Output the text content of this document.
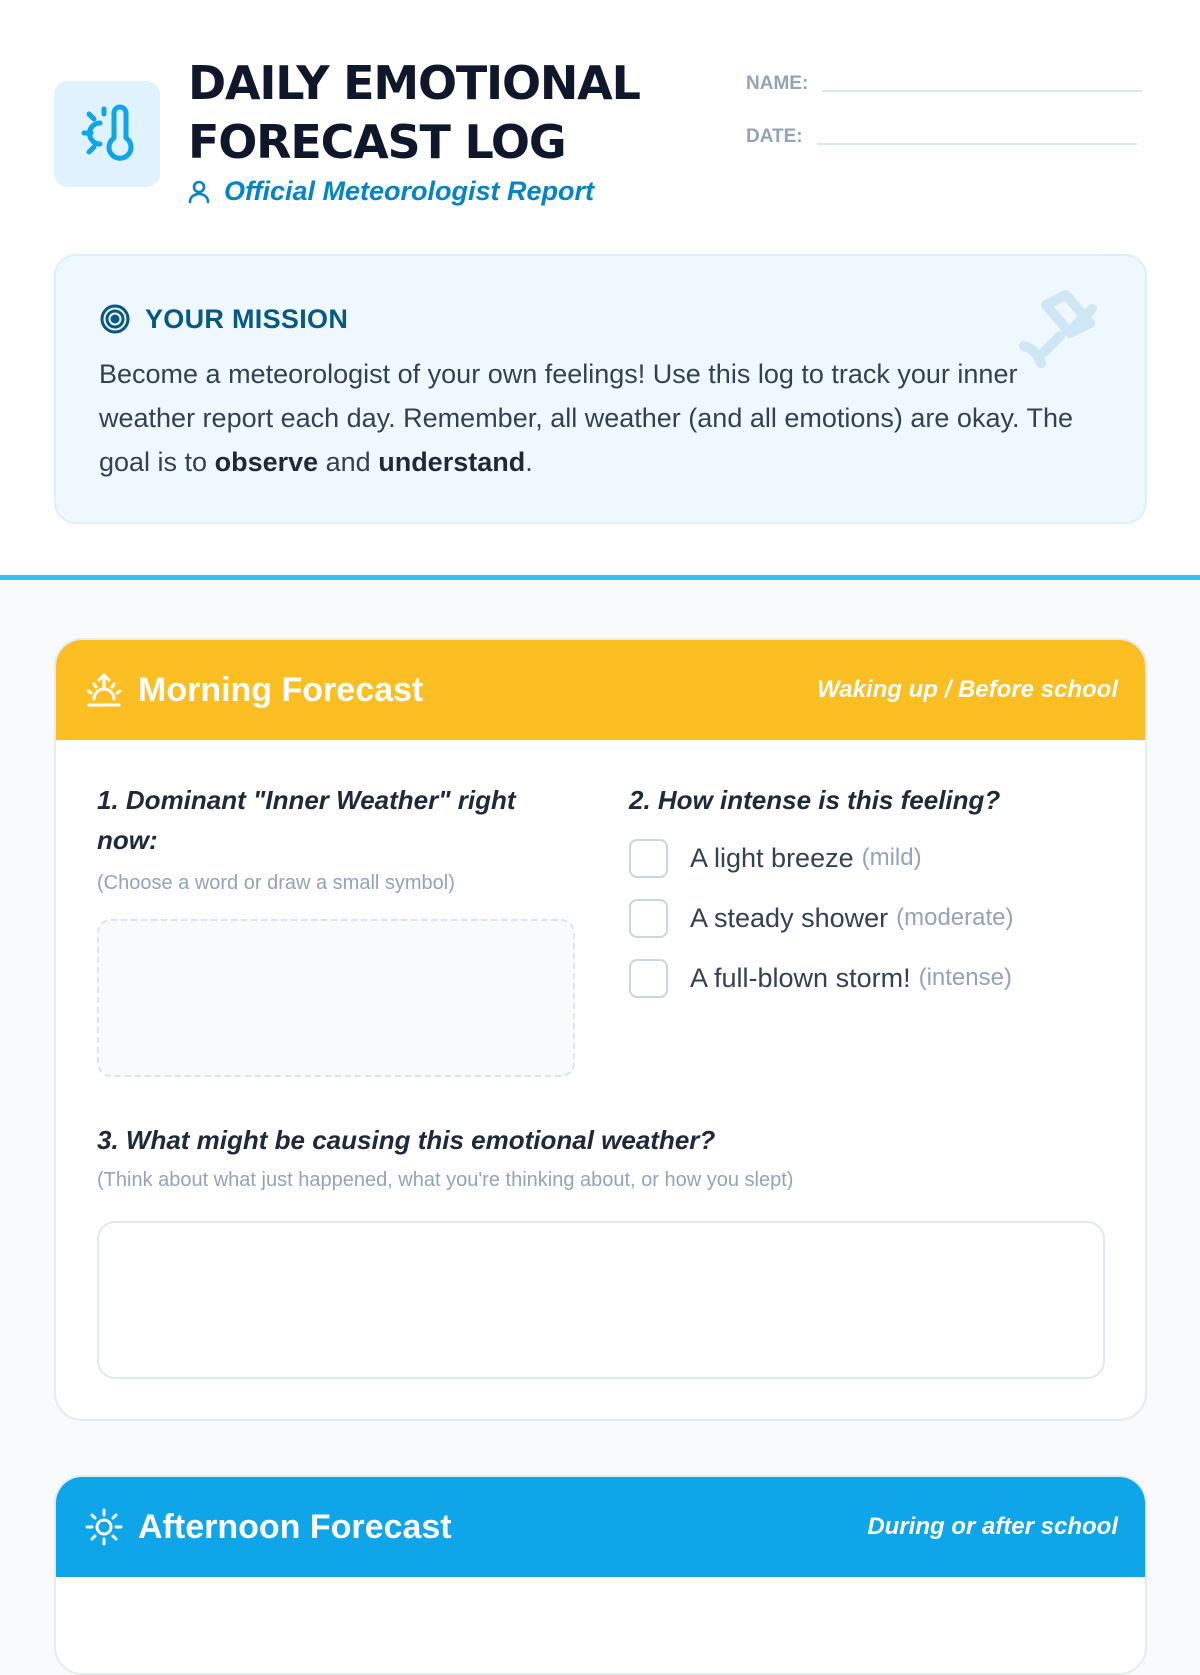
DAILY EMOTIONAL
FORECAST LOG
Official Meteorologist Report
NAME:
DATE:
YOUR MISSION

Become a meteorologist of your own feelings! Use this log to track your inner weather report each day. Remember, all weather (and all emotions) are okay. The goal is to observe and understand.

Morning Forecast	Waking up / Before school

1. Dominant "Inner Weather" right now:

(Choose a word or draw a small symbol)

2. How intense is this feeling?

A light breeze (mild)
A steady shower (moderate)
A full-blown storm! (intense)

3. What might be causing this emotional weather?

(Think about what just happened, what you're thinking about, or how you slept)

Afternoon Forecast	During or after school
